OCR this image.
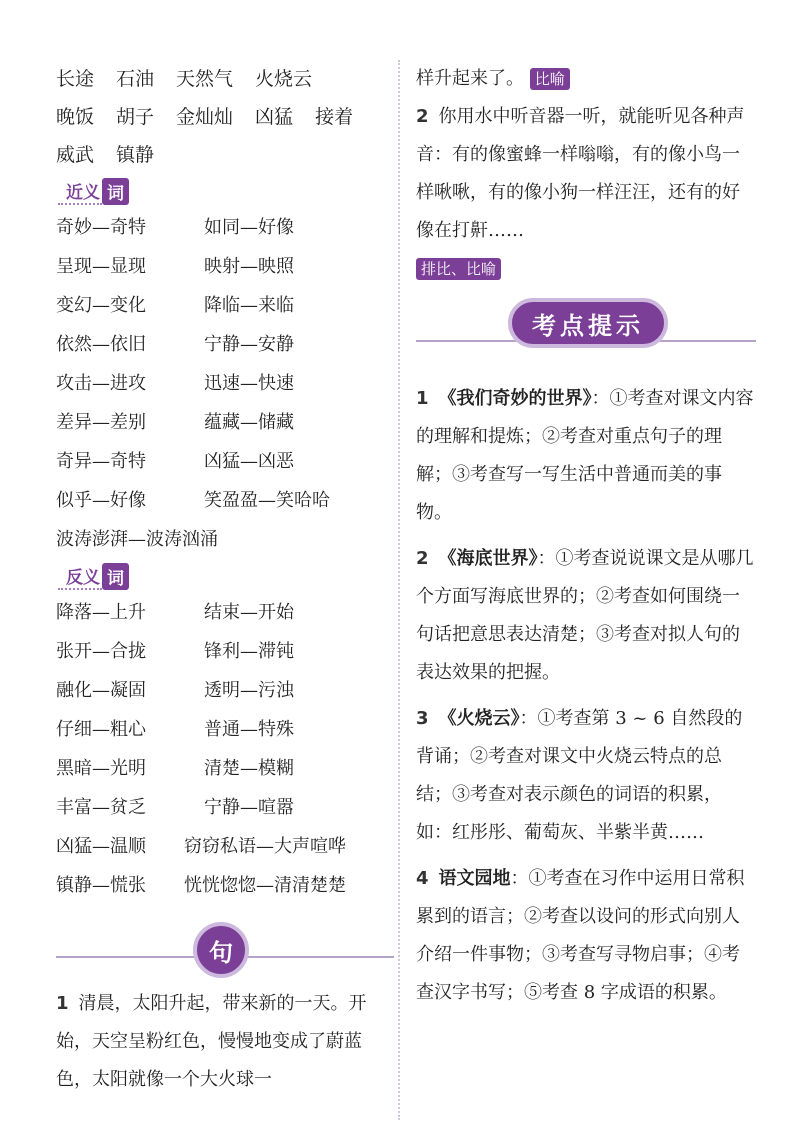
长途 石油 天然气 火烧云
晚饭 胡子 金灿灿 凶猛 接着
威武 镇静
近义 词
奇妙—奇特	如同—好像
呈现—显现	映射—映照
变幻—变化	降临—来临
依然—依旧	宁静—安静
攻击—进攻	迅速—快速
差异—差别	蕴藏—储藏
奇异—奇特	凶猛—凶恶
似乎—好像	笑盈盈—笑哈哈
波涛澎湃—波涛汹涌
反义 词
降落—上升	结束—开始
张开—合拢	锋利—滞钝
融化—凝固	透明—污浊
仔细—粗心	普通—特殊
黑暗—光明	清楚—模糊
丰富—贫乏	宁静—喧嚣
凶猛—温顺	窃窃私语—大声喧哗
镇静—慌张	恍恍惚惚—清清楚楚
句
1 清晨，太阳升起，带来新的一天。开始，天空呈粉红色，慢慢地变成了蔚蓝色，太阳就像一个大火球一
样升起来了。 比喻
2 你用水中听音器一听，就能听见各种声音：有的像蜜蜂一样嗡嗡，有的像小鸟一样啾啾，有的像小狗一样汪汪，还有的好像在打鼾……
排比、比喻
考点提示
1 《我们奇妙的世界》：①考查对课文内容的理解和提炼；②考查对重点句子的理解；③考查写一写生活中普通而美的事物。
2 《海底世界》：①考查说说课文是从哪几个方面写海底世界的；②考查如何围绕一句话把意思表达清楚；③考查对拟人句的表达效果的把握。
3 《火烧云》：①考查第 3 ~ 6 自然段的背诵；②考查对课文中火烧云特点的总结；③考查对表示颜色的词语的积累，如：红彤彤、葡萄灰、半紫半黄……
4 语文园地：①考查在习作中运用日常积累到的语言；②考查以设问的形式向别人介绍一件事物；③考查写寻物启事；④考查汉字书写；⑤考查 8 字成语的积累。
